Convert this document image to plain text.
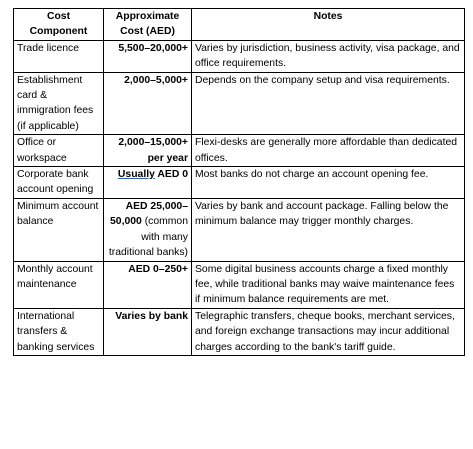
Cost Component	Approximate Cost (AED)	Notes
Trade licence	5,500–20,000+	Varies by jurisdiction, business activity, visa package, and office requirements.
Establishment card & immigration fees (if applicable)	2,000–5,000+	Depends on the company setup and visa requirements.
Office or workspace	2,000–15,000+ per year	Flexi-desks are generally more affordable than dedicated offices.
Corporate bank account opening	Usually AED 0	Most banks do not charge an account opening fee.
Minimum account balance	AED 25,000–50,000 (common with many traditional banks)	Varies by bank and account package. Falling below the minimum balance may trigger monthly charges.
Monthly account maintenance	AED 0–250+	Some digital business accounts charge a fixed monthly fee, while traditional banks may waive maintenance fees if minimum balance requirements are met.
International transfers & banking services	Varies by bank	Telegraphic transfers, cheque books, merchant services, and foreign exchange transactions may incur additional charges according to the bank's tariff guide.
